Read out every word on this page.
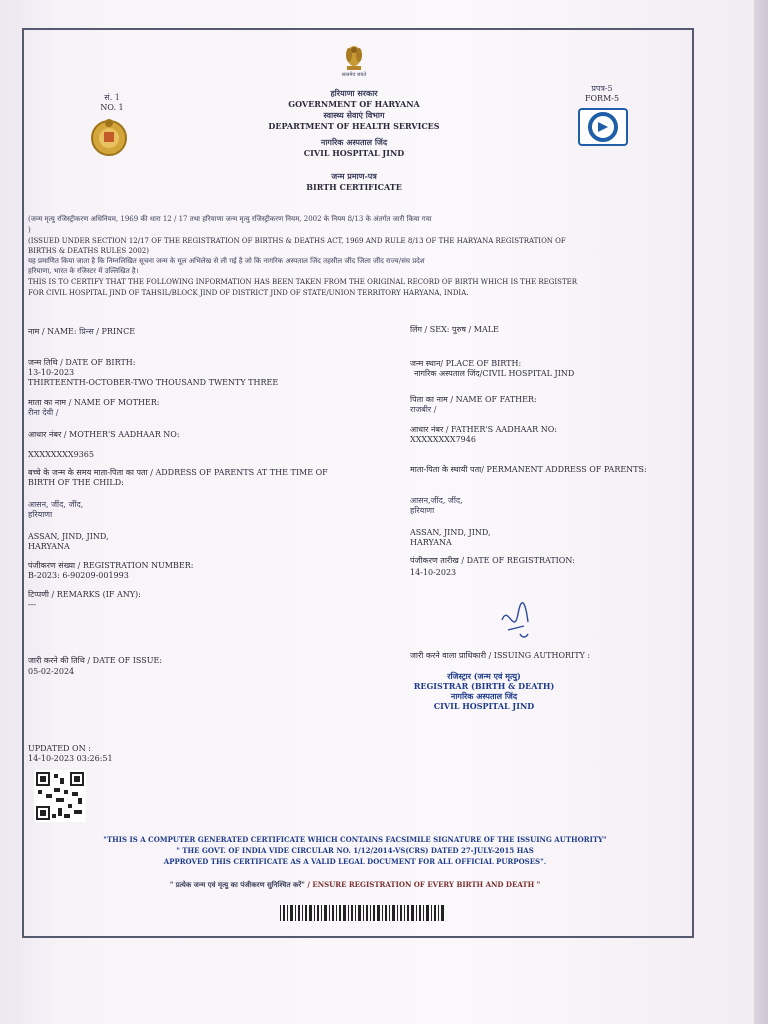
सत्यमेव जयते
सं. 1
NO. 1
प्रपत्र-5
FORM-5
हरियाणा सरकार
GOVERNMENT OF HARYANA
स्वास्थ्य सेवाएं विभाग
DEPARTMENT OF HEALTH SERVICES
नागरिक अस्पताल जिंद
CIVIL HOSPITAL JIND
जन्म प्रमाण-पत्र
BIRTH CERTIFICATE
(जन्म मृत्यु रजिस्ट्रीकरण अधिनियम, 1969 की धारा 12 / 17 तथा हरियाणा जन्म मृत्यु रजिस्ट्रीकरण नियम, 2002 के नियम 8/13 के अंतर्गत जारी किया गया
)
(ISSUED UNDER SECTION 12/17 OF THE REGISTRATION OF BIRTHS & DEATHS ACT, 1969 AND RULE 8/13 OF THE HARYANA REGISTRATION OF
BIRTHS & DEATHS RULES 2002)
यह प्रमाणित किया जाता है कि निम्नलिखित सूचना जन्म के मूल अभिलेख से ली गई है जो कि नागरिक अस्पताल जिंद तहसील जींद जिला जींद राज्य/संघ प्रदेश
हरियाणा, भारत के रजिस्टर में उल्लिखित है।
THIS IS TO CERTIFY THAT THE FOLLOWING INFORMATION HAS BEEN TAKEN FROM THE ORIGINAL RECORD OF BIRTH WHICH IS THE REGISTER
FOR CIVIL HOSPITAL JIND OF TAHSIL/BLOCK JIND OF DISTRICT JIND OF STATE/UNION TERRITORY HARYANA, INDIA.
नाम / NAME: प्रिन्स / PRINCE
जन्म तिथि / DATE OF BIRTH:
13-10-2023
THIRTEENTH-OCTOBER-TWO THOUSAND TWENTY THREE
माता का नाम / NAME OF MOTHER:
रीना देवी /
आधार नंबर / MOTHER'S AADHAAR NO:
XXXXXXXX9365
बच्चे के जन्म के समय माता-पिता का पता / ADDRESS OF PARENTS AT THE TIME OF
BIRTH OF THE CHILD:
आसन, जींद, जींद,
हरियाणा
ASSAN, JIND, JIND,
HARYANA
पंजीकरण संख्या / REGISTRATION NUMBER:
B-2023: 6-90209-001993
टिप्पणी / REMARKS (IF ANY):
---
जारी करने की तिथि / DATE OF ISSUE:
05-02-2024
UPDATED ON :
14-10-2023 03:26:51
लिंग / SEX: पुरुष / MALE
जन्म स्थान/ PLACE OF BIRTH:
नागरिक अस्पताल जिंद/CIVIL HOSPITAL JIND
पिता का नाम / NAME OF FATHER:
राजबीर /
आधार नंबर / FATHER'S AADHAAR NO:
XXXXXXXX7946
माता-पिता के स्थायी पता/ PERMANENT ADDRESS OF PARENTS:
आसन,जींद, जींद,
हरियाणा
ASSAN, JIND, JIND,
HARYANA
पंजीकरण तारीख / DATE OF REGISTRATION:
14-10-2023
जारी करने वाला प्राधिकारी / ISSUING AUTHORITY :
रजिस्ट्रार (जन्म एवं मृत्यु)
REGISTRAR (BIRTH & DEATH)
नागरिक अस्पताल जिंद
CIVIL HOSPITAL JIND
"THIS IS A COMPUTER GENERATED CERTIFICATE WHICH CONTAINS FACSIMILE SIGNATURE OF THE ISSUING AUTHORITY"
" THE GOVT. OF INDIA VIDE CIRCULAR NO. 1/12/2014-VS(CRS) DATED 27-JULY-2015 HAS
APPROVED THIS CERTIFICATE AS A VALID LEGAL DOCUMENT FOR ALL OFFICIAL PURPOSES".
" प्रत्येक जन्म एवं मृत्यु का पंजीकरण सुनिश्चित करें" / ENSURE REGISTRATION OF EVERY BIRTH AND DEATH "
